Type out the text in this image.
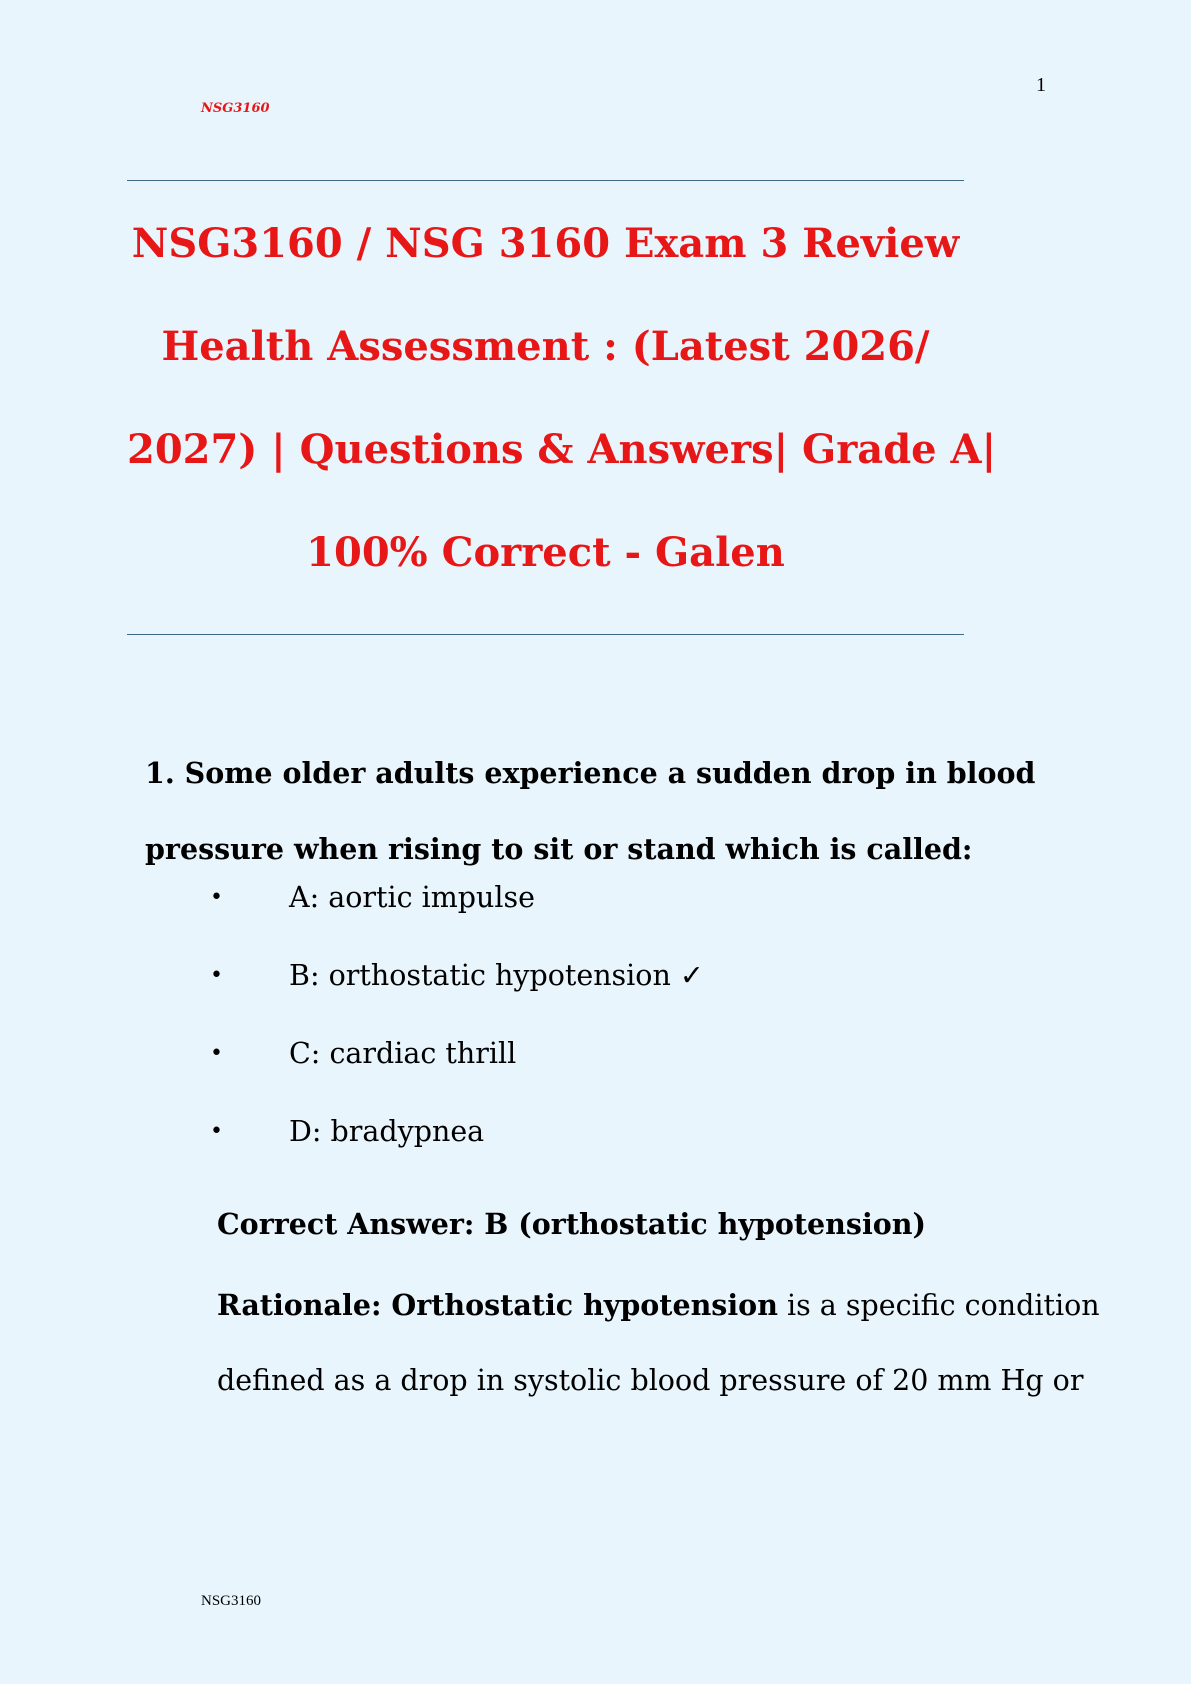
1
NSG3160
NSG3160 / NSG 3160 Exam 3 Review
Health Assessment : (Latest 2026/
2027) | Questions & Answers| Grade A|
100% Correct - Galen
1. Some older adults experience a sudden drop in blood
pressure when rising to sit or stand which is called:
• A: aortic impulse
• B: orthostatic hypotension ✓
• C: cardiac thrill
• D: bradypnea
Correct Answer: B (orthostatic hypotension)
Rationale: Orthostatic hypotension is a specific condition
defined as a drop in systolic blood pressure of 20 mm Hg or
NSG3160
